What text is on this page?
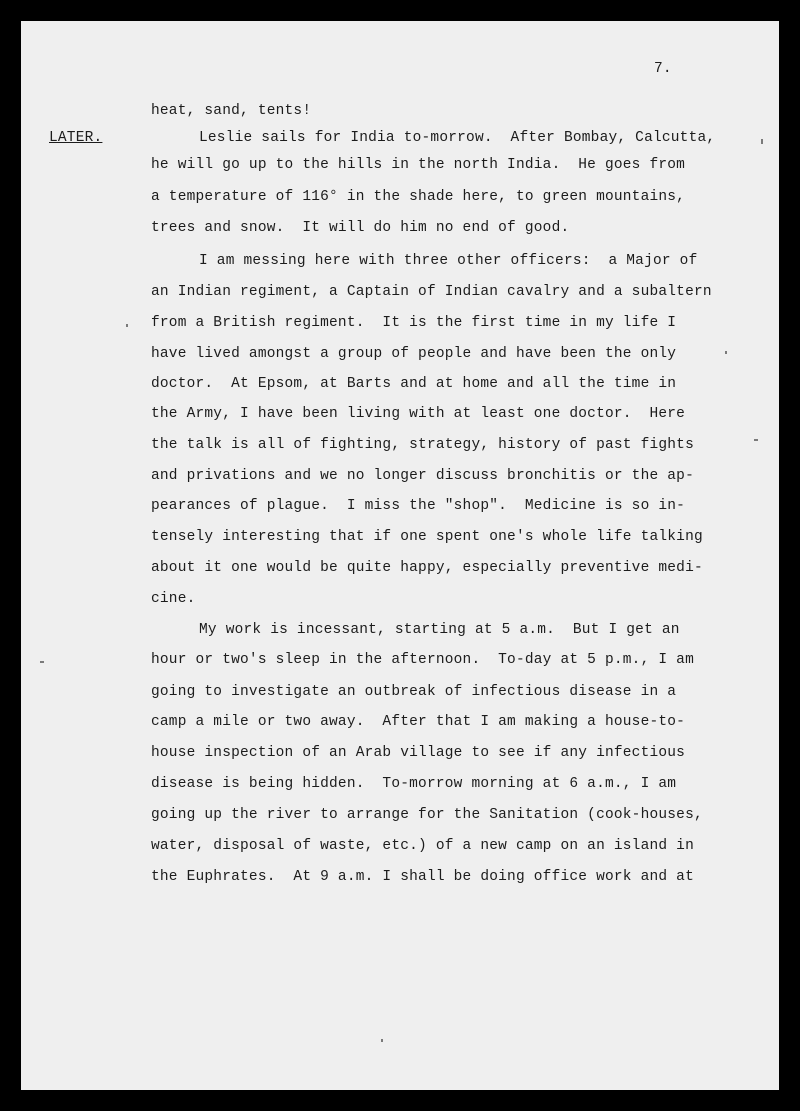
7.
LATER.
heat, sand, tents!
Leslie sails for India to-morrow.  After Bombay, Calcutta,
he will go up to the hills in the north India.  He goes from
a temperature of 116° in the shade here, to green mountains,
trees and snow.  It will do him no end of good.
I am messing here with three other officers:  a Major of
an Indian regiment, a Captain of Indian cavalry and a subaltern
from a British regiment.  It is the first time in my life I
have lived amongst a group of people and have been the only
doctor.  At Epsom, at Barts and at home and all the time in
the Army, I have been living with at least one doctor.  Here
the talk is all of fighting, strategy, history of past fights
and privations and we no longer discuss bronchitis or the ap-
pearances of plague.  I miss the "shop".  Medicine is so in-
tensely interesting that if one spent one's whole life talking
about it one would be quite happy, especially preventive medi-
cine.
My work is incessant, starting at 5 a.m.  But I get an
hour or two's sleep in the afternoon.  To-day at 5 p.m., I am
going to investigate an outbreak of infectious disease in a
camp a mile or two away.  After that I am making a house-to-
house inspection of an Arab village to see if any infectious
disease is being hidden.  To-morrow morning at 6 a.m., I am
going up the river to arrange for the Sanitation (cook-houses,
water, disposal of waste, etc.) of a new camp on an island in
the Euphrates.  At 9 a.m. I shall be doing office work and at
